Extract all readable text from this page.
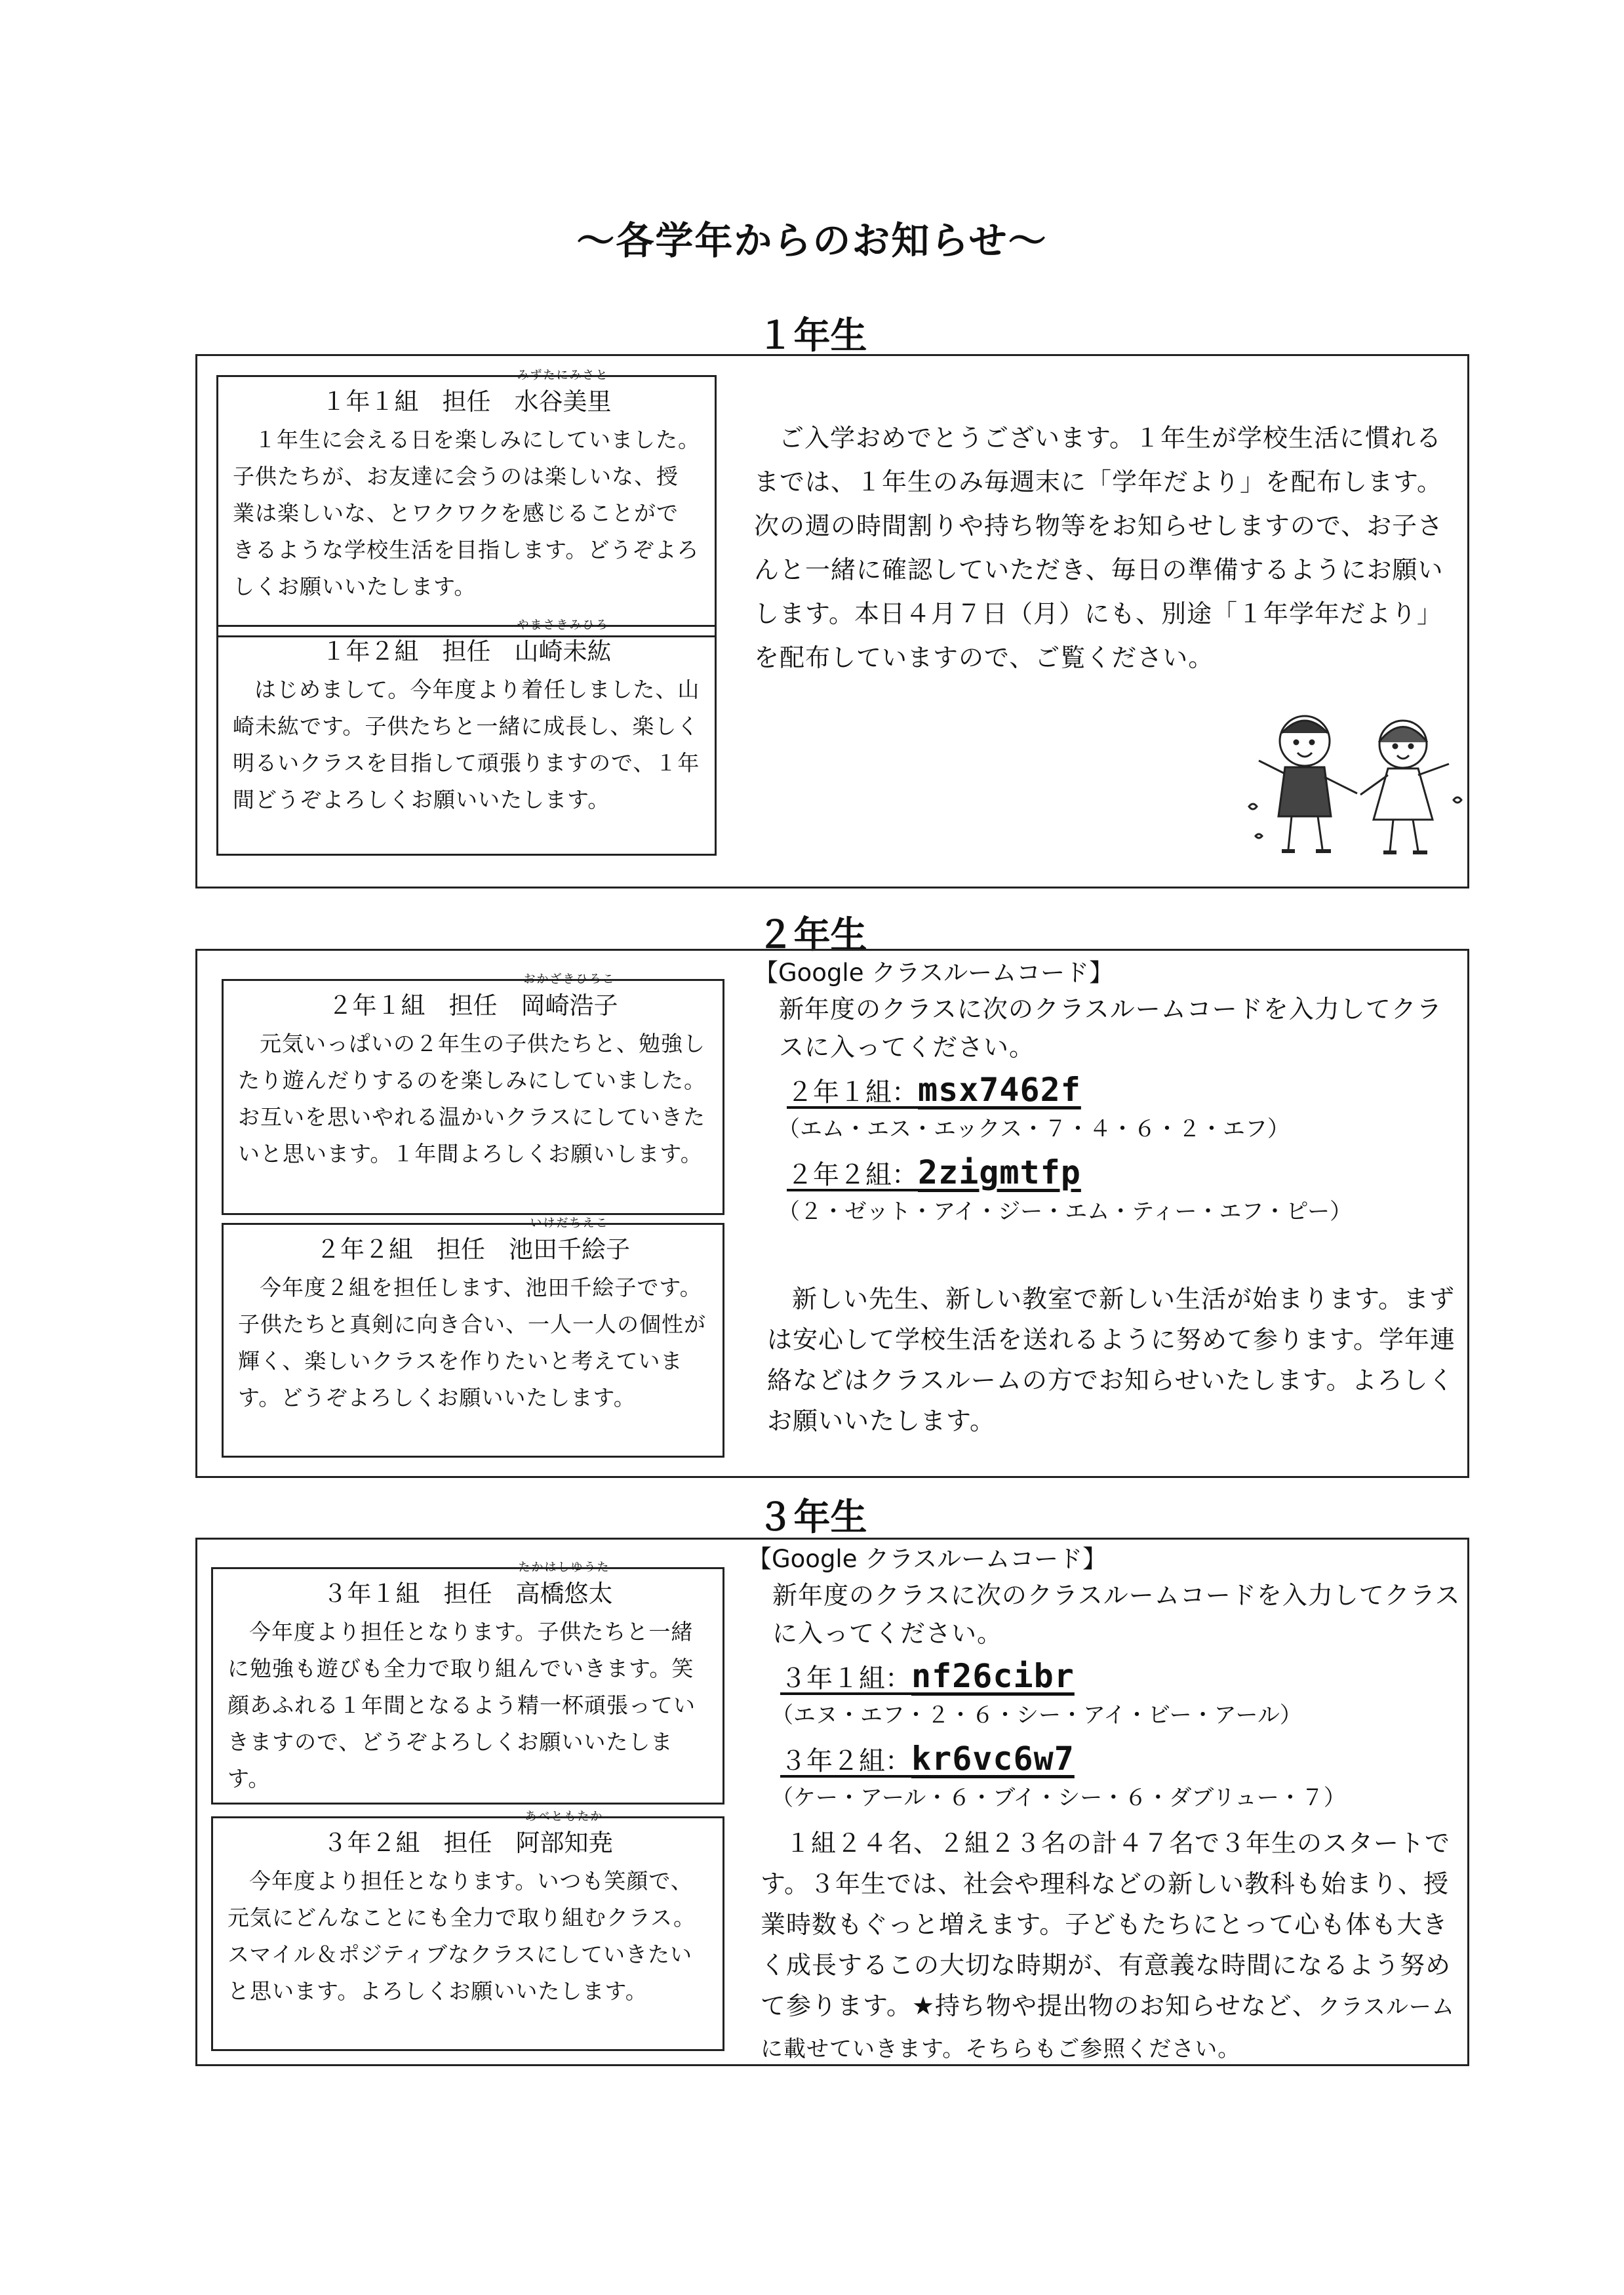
～各学年からのお知らせ～
１年生
１年１組 担任
みずたにみさと
水谷美里
１年生に会える日を楽しみにしていました。子供たちが、お友達に会うのは楽しいな、授業は楽しいな、とワクワクを感じることができるような学校生活を目指します。どうぞよろしくお願いいたします。
１年２組 担任
やまさきみひろ
山崎未紘
はじめまして。今年度より着任しました、山崎未紘です。子供たちと一緒に成長し、楽しく明るいクラスを目指して頑張りますので、１年間どうぞよろしくお願いいたします。
ご入学おめでとうございます。１年生が学校生活に慣れるまでは、１年生のみ毎週末に「学年だより」を配布します。次の週の時間割りや持ち物等をお知らせしますので、お子さんと一緒に確認していただき、毎日の準備するようにお願いします。本日４月７日（月）にも、別途「１年学年だより」を配布していますので、ご覧ください。
２年生
２年１組 担任
おかざきひろこ
岡崎浩子
元気いっぱいの２年生の子供たちと、勉強したり遊んだりするのを楽しみにしていました。お互いを思いやれる温かいクラスにしていきたいと思います。１年間よろしくお願いします。
２年２組 担任
いけだちえこ
池田千絵子
今年度２組を担任します、池田千絵子です。子供たちと真剣に向き合い、一人一人の個性が輝く、楽しいクラスを作りたいと考えています。どうぞよろしくお願いいたします。
【Google クラスルームコード】
新年度のクラスに次のクラスルームコードを入力してクラスに入ってください。
２年１組：msx7462f
（エム・エス・エックス・７・４・６・２・エフ）
２年２組：2zigmtfp
（２・ゼット・アイ・ジー・エム・ティー・エフ・ピー）
新しい先生、新しい教室で新しい生活が始まります。まずは安心して学校生活を送れるように努めて参ります。学年連絡などはクラスルームの方でお知らせいたします。よろしくお願いいたします。
３年生
３年１組 担任
たかはしゆうた
高橋悠太
今年度より担任となります。子供たちと一緒に勉強も遊びも全力で取り組んでいきます。笑顔あふれる１年間となるよう精一杯頑張っていきますので、どうぞよろしくお願いいたします。
３年２組 担任
あべともたか
阿部知尭
今年度より担任となります。いつも笑顔で、元気にどんなことにも全力で取り組むクラス。スマイル＆ポジティブなクラスにしていきたいと思います。よろしくお願いいたします。
【Google クラスルームコード】
新年度のクラスに次のクラスルームコードを入力してクラスに入ってください。
３年１組：nf26cibr
（エヌ・エフ・２・６・シー・アイ・ビー・アール）
３年２組：kr6vc6w7
（ケー・アール・６・ブイ・シー・６・ダブリュー・７）
１組２４名、２組２３名の計４７名で３年生のスタートです。３年生では、社会や理科などの新しい教科も始まり、授業時数もぐっと増えます。子どもたちにとって心も体も大きく成長するこの大切な時期が、有意義な時間になるよう努めて参ります。★持ち物や提出物のお知らせなど、クラスルームに載せていきます。そちらもご参照ください。
